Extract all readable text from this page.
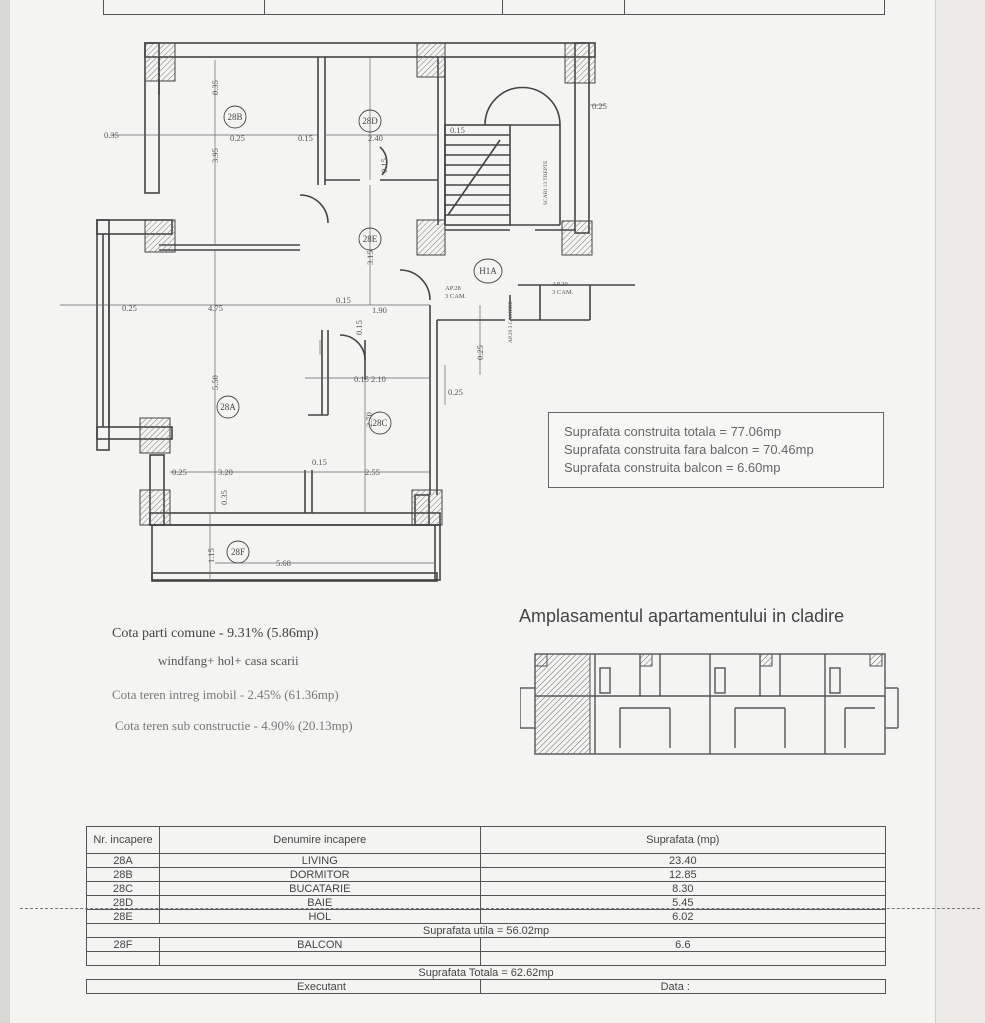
28B	28D
28E
28A
28C
28F
H1A
0.35
0.35
3.95
0.25	0.15	2.40
0.15
0.15
0.25
3.15
4.75
0.25
0.15
1.90
0.15
5.50	0.15 2.10
0.25
2.70
0.25	3.20
0.15
2.55
0.35
1.15	5.68
0.25
AP.28
3 CAM.
AP.30
3 CAM.
AP.29 3 CAMERE
SCARI 13 TREPTE
Suprafata construita totala = 77.06mp
Suprafata construita fara balcon = 70.46mp
Suprafata construita balcon = 6.60mp
Cota parti comune - 9.31% (5.86mp)
windfang+ hol+ casa scarii
Cota teren intreg imobil - 2.45% (61.36mp)
Cota teren sub constructie - 4.90% (20.13mp)
Amplasamentul apartamentului in cladire
Nr. incapere	Denumire incapere	Suprafata (mp)
28A	LIVING	23.40
28B	DORMITOR	12.85
28C	BUCATARIE	8.30
28D	BAIE	5.45
28E	HOL	6.02
Suprafata utila = 56.02mp		
28F	BALCON	6.6

Suprafata Totala = 62.62mp		
Executant		Data :
